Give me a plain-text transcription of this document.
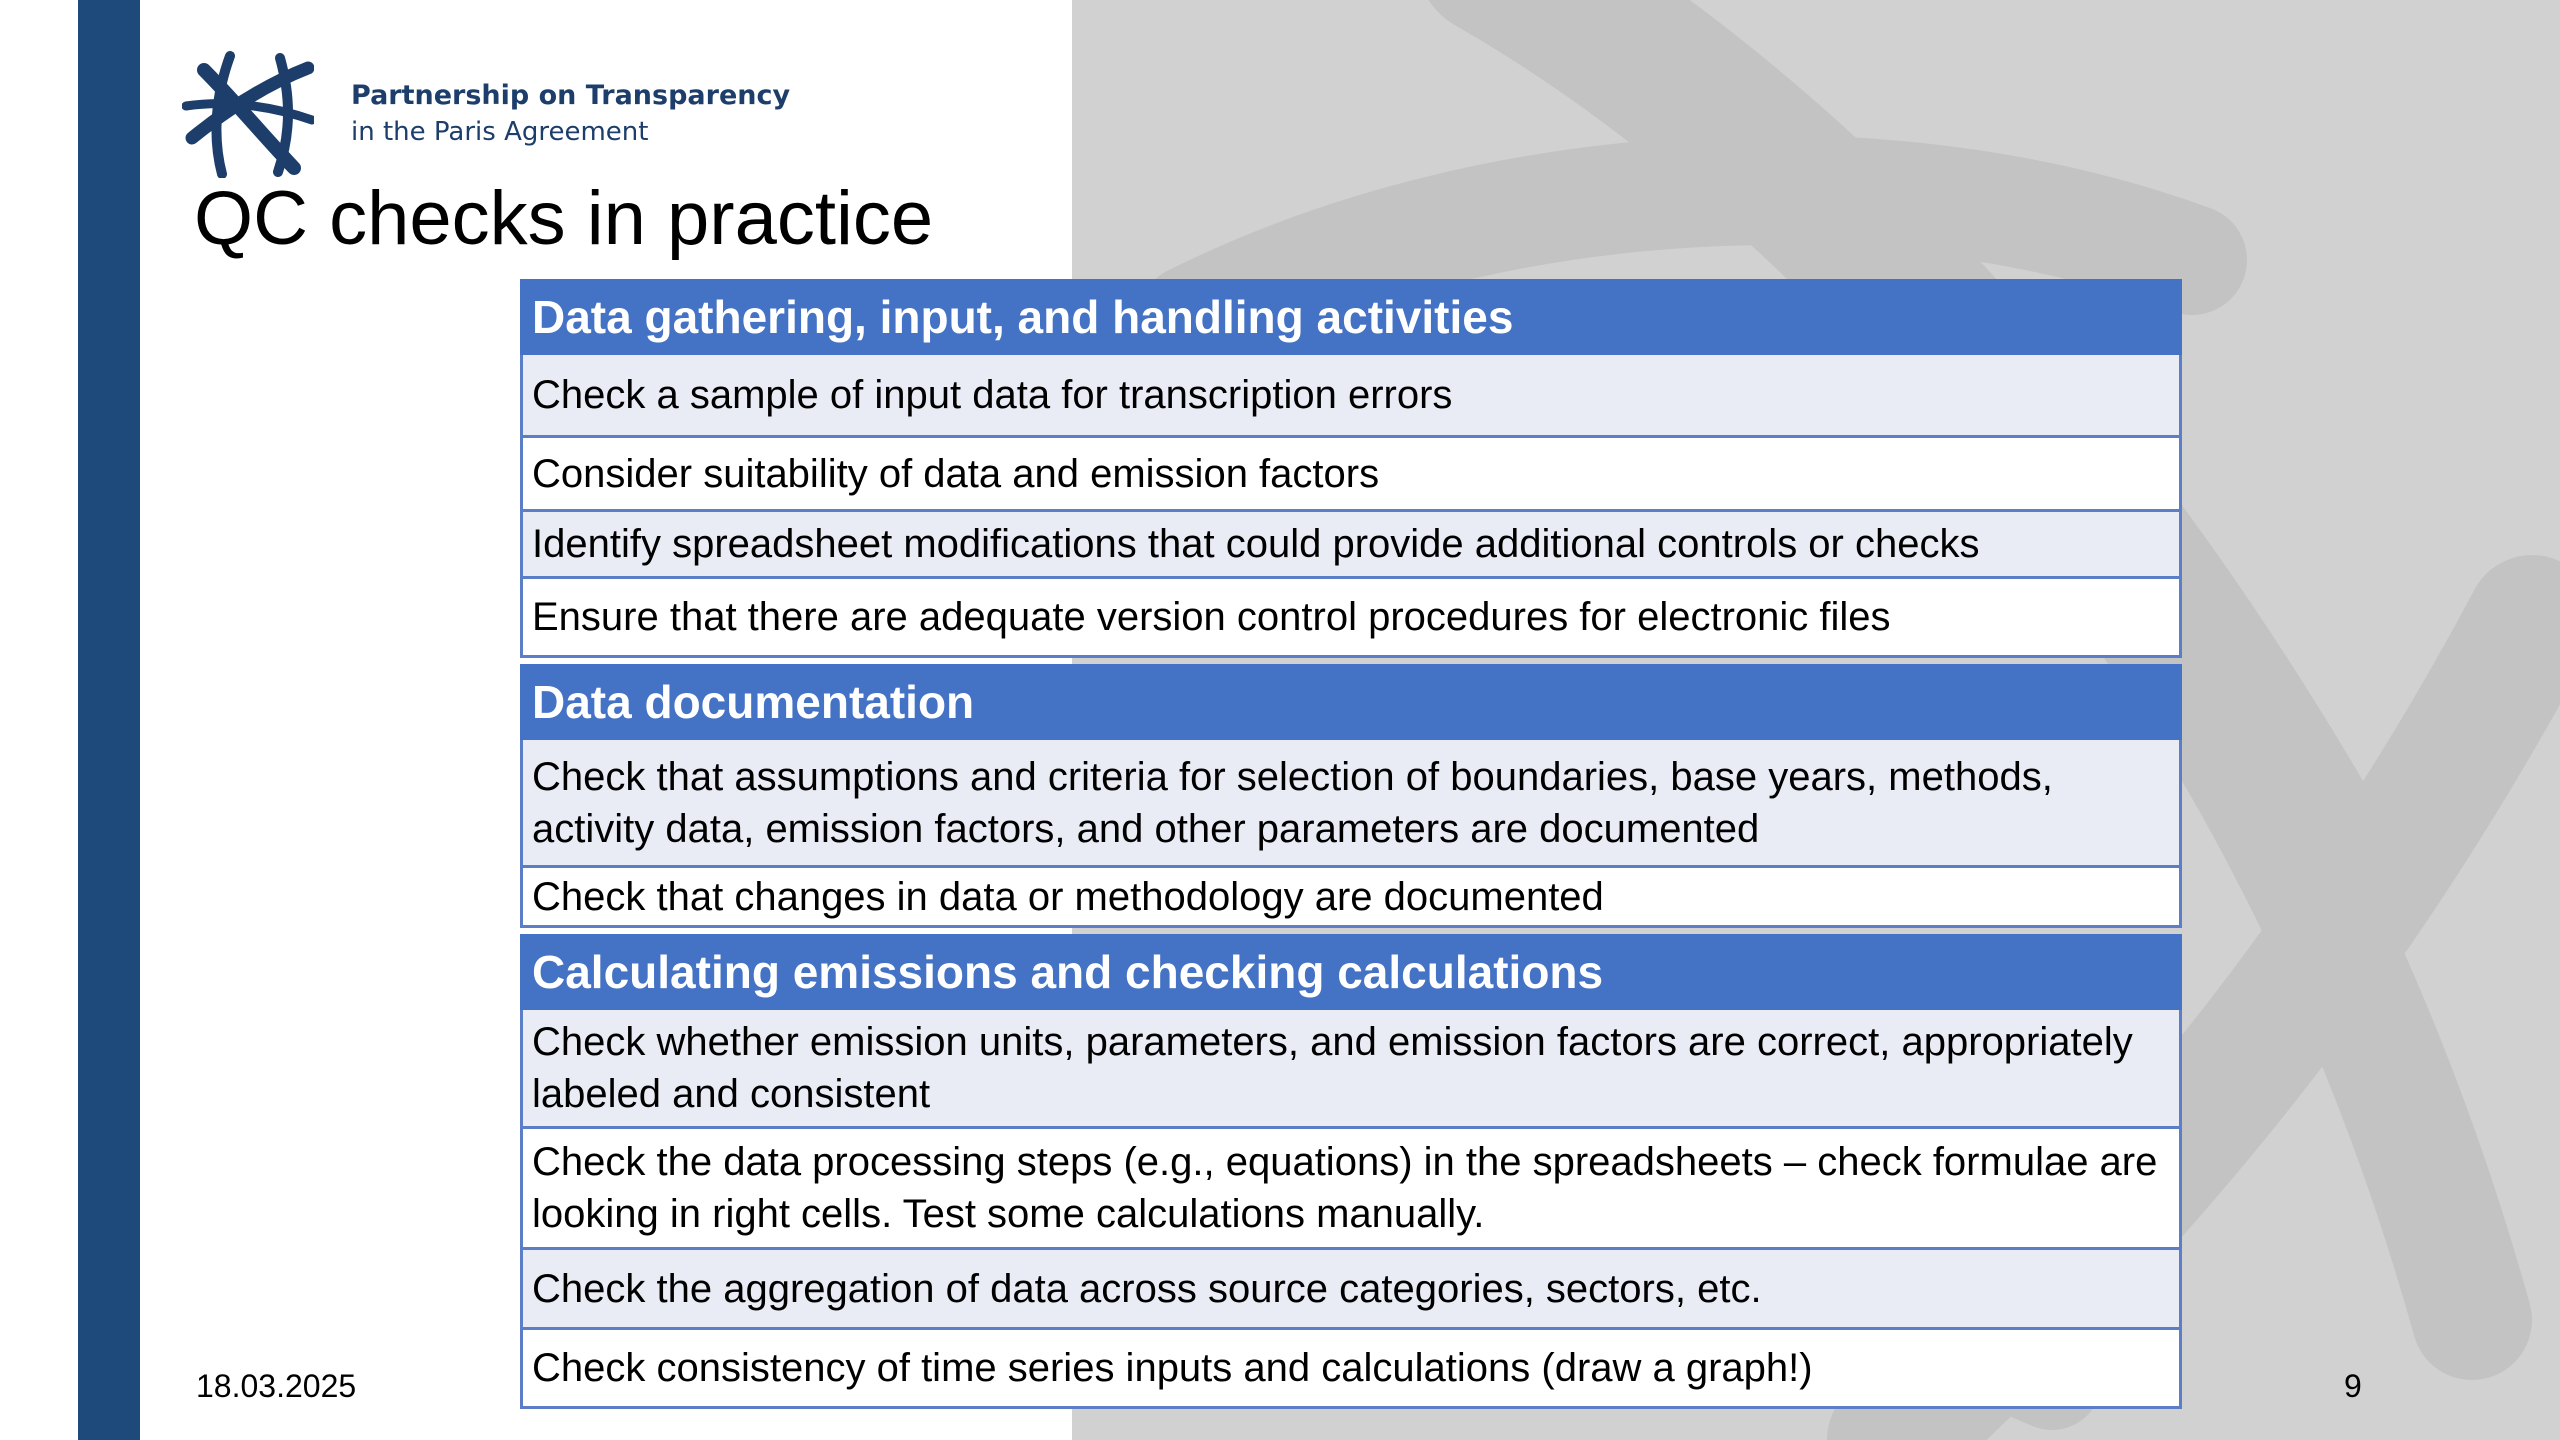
Partnership on Transparency
in the Paris Agreement
QC checks in practice
Data gathering, input, and handling activities
Check a sample of input data for transcription errors
Consider suitability of data and emission factors
Identify spreadsheet modifications that could provide additional controls or checks
Ensure that there are adequate version control procedures for electronic files
Data documentation
Check that assumptions and criteria for selection of boundaries, base years, methods, activity data, emission factors, and other parameters are documented
Check that changes in data or methodology are documented
Calculating emissions and checking calculations
Check whether emission units, parameters, and emission factors are correct, appropriately labeled and consistent
Check the data processing steps (e.g., equations) in the spreadsheets – check formulae are looking in right cells. Test some calculations manually.
Check the aggregation of data across source categories, sectors, etc.
Check consistency of time series inputs and calculations (draw a graph!)
18.03.2025	9
